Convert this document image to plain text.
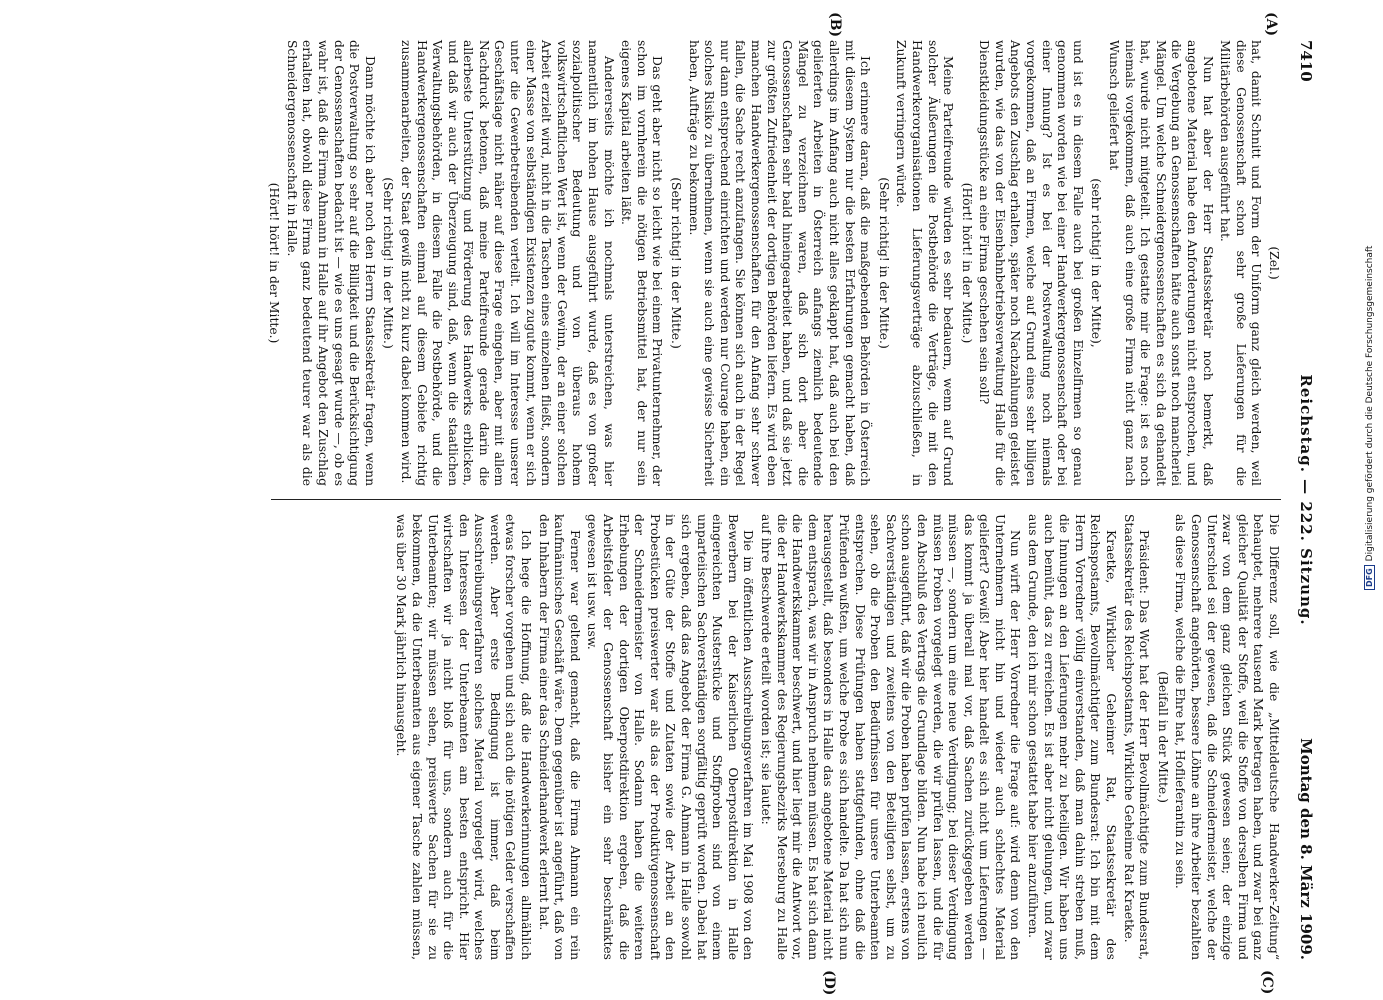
7410
Reichstag. — 222. Sitzung.
Montag den 8. März 1909.
(A)
(B)
(C)
(D)

(Zel.)

hat, damit Schnitt und Form der Uniform ganz gleich werden, weil diese Genossenschaft schon sehr große Lieferungen für die Militärbehörden ausgeführt hat.

Nun hat aber der Herr Staatssekretär noch bemerkt, daß angebotene Material habe den Anforderungen nicht entsprochen, und die Vergebung an Genossenschaften hätte auch sonst noch mancherlei Mängel. Um welche Schneidergenossenschaften es sich da gehandelt hat, wurde nicht mitgeteilt. Ich gestatte mir die Frage: ist es noch niemals vorgekommen, daß auch eine große Firma nicht ganz nach Wunsch geliefert hat

(sehr richtig! in der Mitte),

und ist es in diesem Falle auch bei großen Einzelfirmen so genau genommen worden wie bei einer Handwerkergenossenschaft oder bei einer Innung? Ist es bei der Postverwaltung noch niemals vorgekommen, daß an Firmen, welche auf Grund eines sehr billigen Angebots den Zuschlag erhalten, später noch Nachzahlungen geleistet wurden, wie das von der Eisenbahnbetriebsverwaltung Halle für die Dienstkleidungsstücke an eine Firma geschehen sein soll?

(Hört! hört! in der Mitte.)

Meine Parteifreunde würden es sehr bedauern, wenn auf Grund solcher Äußerungen die Postbehörde die Verträge, die mit den Handwerkerorganisationen Lieferungsverträge abzuschließen, in Zukunft verringern würde.

(Sehr richtig! in der Mitte.)

Ich erinnere daran, daß die maßgebenden Behörden in Österreich mit diesem System nur die besten Erfahrungen gemacht haben, daß allerdings im Anfang auch nicht alles geklappt hat, daß auch bei den gelieferten Arbeiten in Österreich anfangs ziemlich bedeutende Mängel zu verzeichnen waren, daß sich dort aber die Genossenschaften sehr bald hineingearbeitet haben, und daß sie jetzt zur größten Zufriedenheit der dortigen Behörden liefern. Es wird eben manchen Handwerkergenossenschaften für den Anfang sehr schwer fallen, die Sache recht anzufangen. Sie können sich auch in der Regel nur dann entsprechend einrichten und werden nur Courage haben, ein solches Risiko zu übernehmen, wenn sie auch eine gewisse Sicherheit haben, Aufträge zu bekommen.

(Sehr richtig! in der Mitte.)

Das geht aber nicht so leicht wie bei einem Privatunternehmer, der schon im vornherein die nötigen Betriebsmittel hat, der nur sein eigenes Kapital arbeiten läßt.

Andererseits möchte ich nochmals unterstreichen, was hier namentlich im hohen Hause ausgeführt wurde, daß es von großer sozialpolitischer Bedeutung und von überaus hohem volkswirtschaftlichen Wert ist, wenn der Gewinn, der an einer solchen Arbeit erzielt wird, nicht in die Taschen eines einzelnen fließt, sondern einer Masse von selbständigen Existenzen zugute kommt, wenn er sich unter die Gewerbetreibenden verteilt. Ich will im Interesse unserer Geschäftslage nicht näher auf diese Frage eingehen, aber mit allem Nachdruck betonen, daß meine Parteifreunde gerade darin die allerbeste Unterstützung und Förderung des Handwerks erblicken, und daß wir auch der Überzeugung sind, daß, wenn die staatlichen Verwaltungsbehörden, in diesem Falle die Postbehörde, und die Handwerkergenossenschaften einmal auf diesem Gebiete richtig zusammenarbeiten, der Staat gewiß nicht zu kurz dabei kommen wird.

(Sehr richtig! in der Mitte.)

Dann möchte ich aber noch den Herrn Staatssekretär fragen, wenn die Postverwaltung so sehr auf die Billigkeit und die Berücksichtigung der Genossenschaften bedacht ist — wie es uns gesagt wurde —, ob es wahr ist, daß die Firma Ahmann in Halle auf ihr Angebot den Zuschlag erhalten hat, obwohl diese Firma ganz bedeutend teurer war als die Schneidergenossenschaft in Halle.

(Hört! hört! in der Mitte.)

Die Differenz soll, wie die „Mitteldeutsche Handwerker-Zeitung“ behauptet, mehrere tausend Mark betragen haben, und zwar bei ganz gleicher Qualität der Stoffe, weil die Stoffe von derselben Firma und zwar von dem ganz gleichen Stück gewesen seien; der einzige Unterschied sei der gewesen, daß die Schneidermeister, welche der Genossenschaft angehörten, bessere Löhne an ihre Arbeiter bezahlten als diese Firma, welche die Ehre hat, Hoflieferantin zu sein.

(Beifall in der Mitte.)

Präsident: Das Wort hat der Herr Bevollmächtigte zum Bundesrat, Staatssekretär des Reichspostamts, Wirkliche Geheime Rat Kraetke.

Kraetke, Wirklicher Geheimer Rat, Staatssekretär des Reichspostamts, Bevollmächtigter zum Bundesrat: Ich bin mit dem Herrn Vorredner völlig einverstanden, daß man dahin streben muß, die Innungen an den Lieferungen mehr zu beteiligen. Wir haben uns auch bemüht, das zu erreichen. Es ist aber nicht gelungen, und zwar aus dem Grunde, den ich mir schon gestattet habe hier anzuführen.

Nun wirft der Herr Vorredner die Frage auf: wird denn von den Unternehmern nicht hin und wieder auch schlechtes Material geliefert? Gewiß! Aber hier handelt es sich nicht um Lieferungen — das kommt ja überall mal vor, daß Sachen zurückgegeben werden müssen —, sondern um eine neue Verdingung; bei dieser Verdingung müssen Proben vorgelegt werden, die wir prüfen lassen, und die für den Abschluß des Vertrags die Grundlage bilden. Nun habe ich neulich schon ausgeführt, daß wir die Proben haben prüfen lassen, erstens von Sachverständigen und zweitens von den Beteiligten selbst, um zu sehen, ob die Proben den Bedürfnissen für unsere Unterbeamten entsprechen. Diese Prüfungen haben stattgefunden, ohne daß die Prüfenden wußten, um welche Probe es sich handelte. Da hat sich nun herausgestellt, daß besonders in Halle das angebotene Material nicht dem entsprach, was wir in Anspruch nehmen müssen. Es hat sich dann die Handwerkskammer beschwert, und hier liegt mir die Antwort vor, die der Handwerkskammer des Regierungsbezirks Merseburg zu Halle auf ihre Beschwerde erteilt worden ist; sie lautet:

Die im öffentlichen Ausschreibungsverfahren im Mai 1908 von den Bewerbern bei der Kaiserlichen Oberpostdirektion in Halle eingereichten Musterstücke und Stoffproben sind von einem unparteiischen Sachverständigen sorgfältig geprüft worden. Dabei hat sich ergeben, daß das Angebot der Firma G. Ahmann in Halle sowohl in der Güte der Stoffe und Zutaten sowie der Arbeit an den Probestücken preiswerter war als das der Produktivgenossenschaft der Schneidermeister von Halle. Sodann haben die weiteren Erhebungen der dortigen Oberpostdirektion ergeben, daß die Arbeitsfelder der Genossenschaft bisher ein sehr beschränktes gewesen ist usw. usw.

Ferner war geltend gemacht, daß die Firma Ahmann ein rein kaufmännisches Geschäft wäre. Dem gegenüber ist angeführt, daß von den Inhabern der Firma einer das Schneiderhandwerk erlernt hat.

Ich hege die Hoffnung, daß die Handwerkerinnungen allmählich etwas forscher vorgehen und sich auch die nötigen Gelder verschaffen werden. Aber erste Bedingung ist immer, daß beim Ausschreibungsverfahren solches Material vorgelegt wird, welches den Interessen der Unterbeamten am besten entspricht. Hier wirtschaften wir ja nicht bloß für uns, sondern auch für die Unterbeamten; wir müssen sehen, preiswerte Sachen für sie zu bekommen, da die Unterbeamten aus eigener Tasche zahlen müssen, was über 30 Mark jährlich hinausgeht.	DFGDigitalisierung gefördert durch die Deutsche Forschungsgemeinschaft
